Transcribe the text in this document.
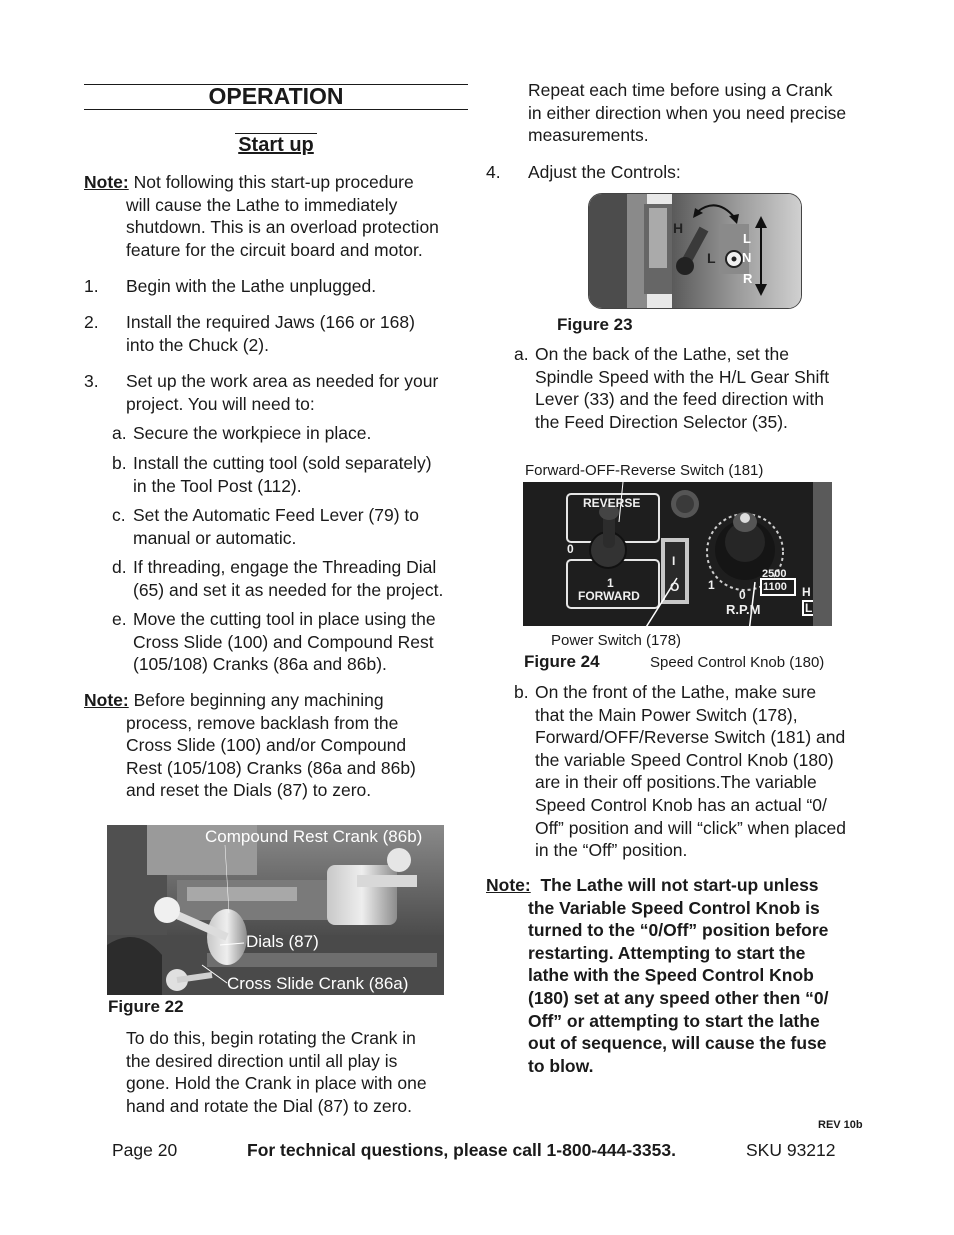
OPERATION
Start up
Note: Not following this start-up procedure
will cause the Lathe to immediately
shutdown. This is an overload protection
feature for the circuit board and motor.
1.	Begin with the Lathe unplugged.
2.	Install the required Jaws (166 or 168)
into the Chuck (2).
3.	Set up the work area as needed for your
project. You will need to:
a. Secure the workpiece in place.
b. Install the cutting tool (sold separately)
in the Tool Post (112).
c. Set the Automatic Feed Lever (79) to
manual or automatic.
d. If threading, engage the Threading Dial
(65) and set it as needed for the project.
e. Move the cutting tool in place using the
Cross Slide (100) and Compound Rest
(105/108) Cranks (86a and 86b).
Note: Before beginning any machining
process, remove backlash from the
Cross Slide (100) and/or Compound
Rest (105/108) Cranks (86a and 86b)
and reset the Dials (87) to zero.
Compound Rest Crank (86b)
Dials (87)
Cross Slide Crank (86a)
Figure 22
To do this, begin rotating the Crank in
the desired direction until all play is
gone. Hold the Crank in place with one
hand and rotate the Dial (87) to zero.
Repeat each time before using a Crank
in either direction when you need precise
measurements.
4.	Adjust the Controls:
H
L
L
N
R
Figure 23
a. On the back of the Lathe, set the
Spindle Speed with the H/L Gear Shift
Lever (33) and the feed direction with
the Feed Direction Selector (35).
Forward-OFF-Reverse Switch (181)
REVERSE
0
1
FORWARD
I
O 1
0
2500
1100 H
R.P.M	L
Power Switch (178)
Figure 24	Speed Control Knob (180)
b. On the front of the Lathe, make sure
that the Main Power Switch (178),
Forward/OFF/Reverse Switch (181) and
the variable Speed Control Knob (180)
are in their off positions.The variable
Speed Control Knob has an actual “0/
Off” position and will “click” when placed
in the “Off” position.
Note: The Lathe will not start-up unless
the Variable Speed Control Knob is
turned to the “0/Off” position before
restarting. Attempting to start the
lathe with the Speed Control Knob
(180) set at any speed other then “0/
Off” or attempting to start the lathe
out of sequence, will cause the fuse
to blow.
REV 10b
Page 20	For technical questions, please call 1-800-444-3353.	SKU 93212
